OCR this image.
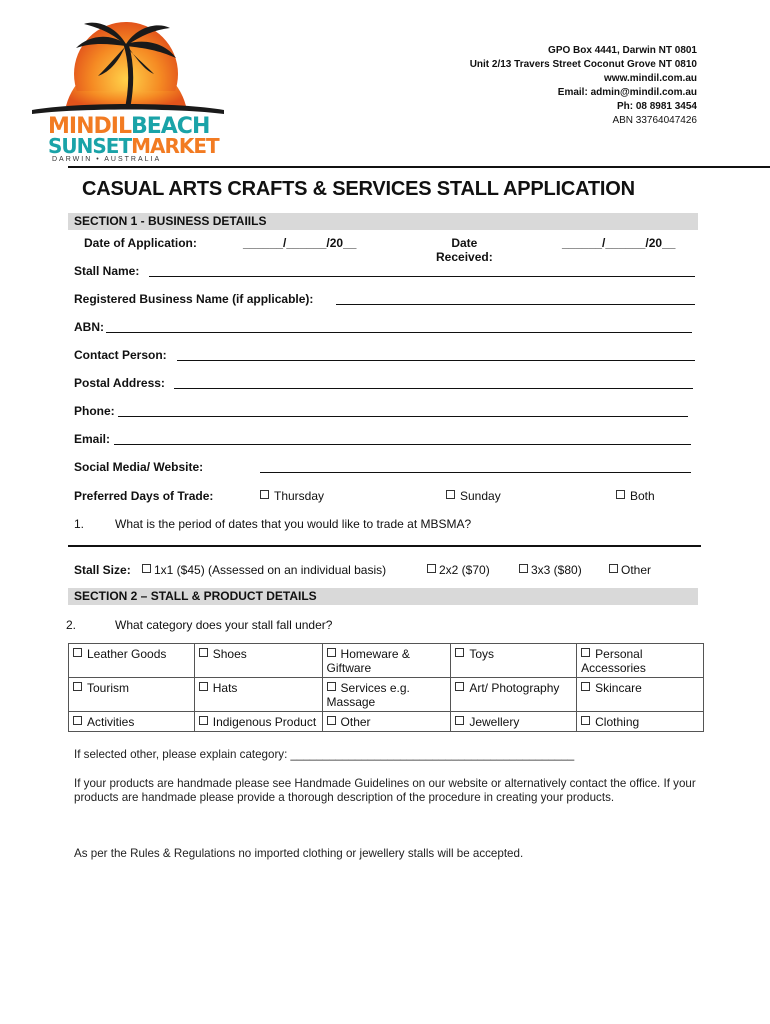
MINDILBEACH
SUNSETMARKET
DARWIN • AUSTRALIA
GPO Box 4441, Darwin NT 0801
Unit 2/13 Travers Street Coconut Grove NT 0810
www.mindil.com.au
Email: admin@mindil.com.au
Ph: 08 8981 3454
ABN 33764047426
CASUAL ARTS CRAFTS & SERVICES STALL APPLICATION
SECTION 1 - BUSINESS DETAIILS
Date of Application:	______/______/20__	Date
Received:
______/______/20__
Stall Name:
Registered Business Name (if applicable):
ABN:
Contact Person:
Postal Address:
Phone:
Email:
Social Media/ Website:
Preferred Days of Trade:	Thursday	Sunday	Both
1.	What is the period of dates that you would like to trade at MBSMA?
Stall Size:	1x1 ($45) (Assessed on an individual basis)	2x2 ($70)	3x3 ($80)	Other
SECTION 2 – STALL & PRODUCT DETAILS
2.	What category does your stall fall under?
Leather Goods	Shoes	Homeware & Giftware	Toys	Personal Accessories
Tourism	Hats	Services e.g. Massage	Art/ Photography	Skincare
Activities	Indigenous Product	Other	Jewellery	Clothing
If selected other, please explain category: ____________________________________________
If your products are handmade please see Handmade Guidelines on our website or alternatively contact the office. If your products are handmade please provide a thorough description of the procedure in creating your products.
As per the Rules & Regulations no imported clothing or jewellery stalls will be accepted.
